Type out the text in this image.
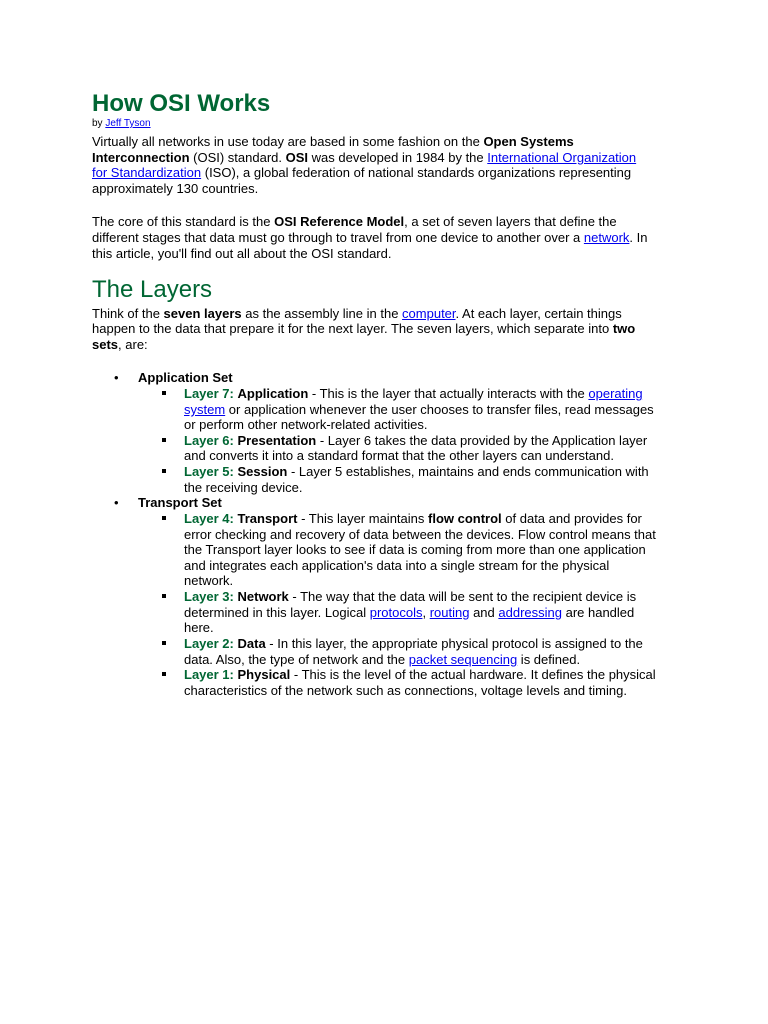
How OSI Works
by Jeff Tyson
Virtually all networks in use today are based in some fashion on the Open Systems
Interconnection (OSI) standard. OSI was developed in 1984 by the International Organization
for Standardization (ISO), a global federation of national standards organizations representing
approximately 130 countries.
The core of this standard is the OSI Reference Model, a set of seven layers that define the
different stages that data must go through to travel from one device to another over a network. In
this article, you'll find out all about the OSI standard.
The Layers
Think of the seven layers as the assembly line in the computer. At each layer, certain things
happen to the data that prepare it for the next layer. The seven layers, which separate into two
sets, are:
• Application Set
Layer 7: Application - This is the layer that actually interacts with the operating
system or application whenever the user chooses to transfer files, read messages
or perform other network-related activities.
Layer 6: Presentation - Layer 6 takes the data provided by the Application layer
and converts it into a standard format that the other layers can understand.
Layer 5: Session - Layer 5 establishes, maintains and ends communication with
the receiving device.
• Transport Set
Layer 4: Transport - This layer maintains flow control of data and provides for
error checking and recovery of data between the devices. Flow control means that
the Transport layer looks to see if data is coming from more than one application
and integrates each application's data into a single stream for the physical
network.
Layer 3: Network - The way that the data will be sent to the recipient device is
determined in this layer. Logical protocols, routing and addressing are handled
here.
Layer 2: Data - In this layer, the appropriate physical protocol is assigned to the
data. Also, the type of network and the packet sequencing is defined.
Layer 1: Physical - This is the level of the actual hardware. It defines the physical
characteristics of the network such as connections, voltage levels and timing.
